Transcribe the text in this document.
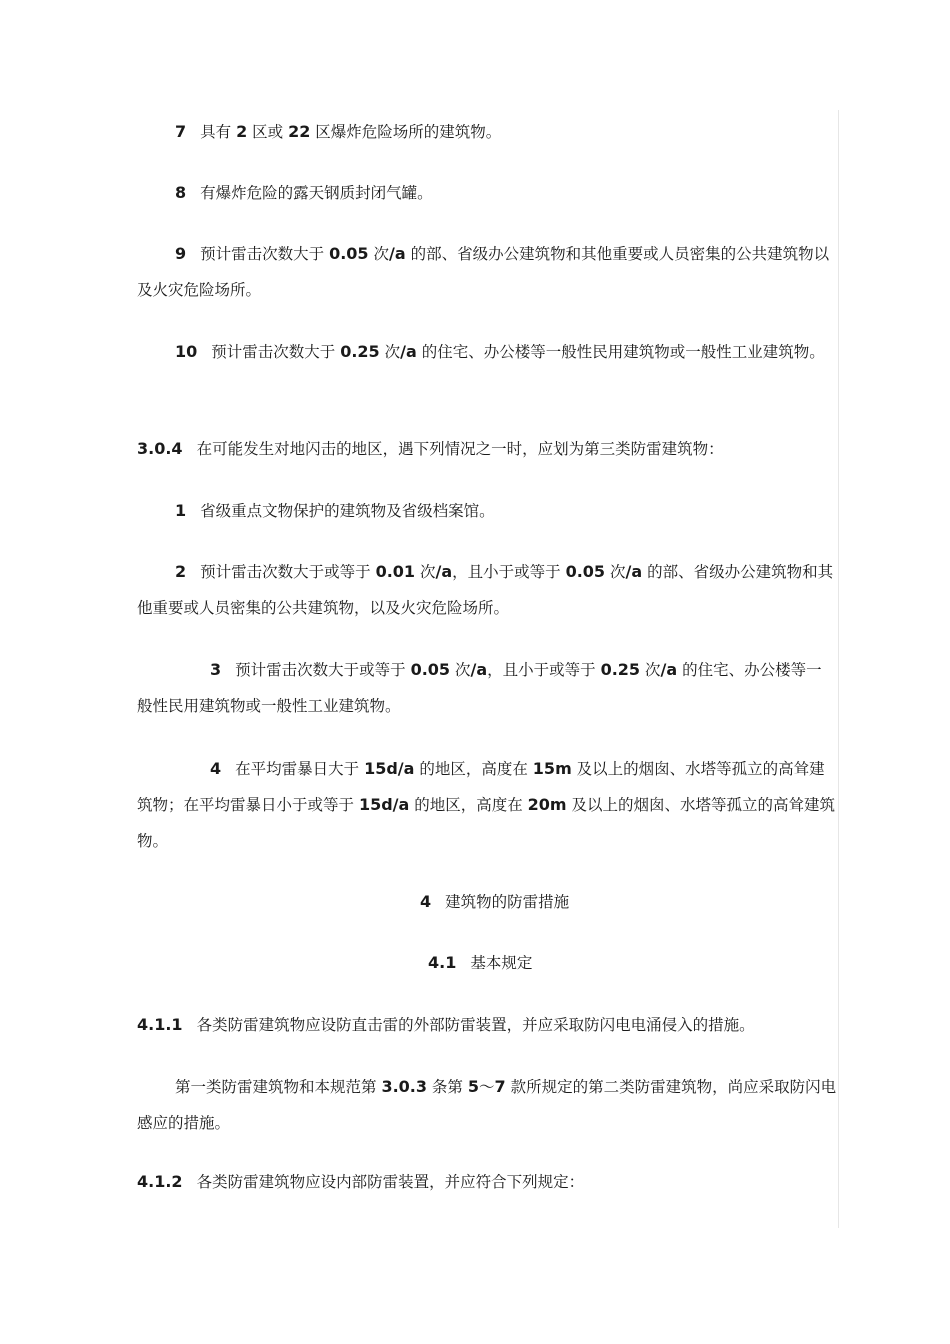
7 具有 2 区或 22 区爆炸危险场所的建筑物。

8 有爆炸危险的露天钢质封闭气罐。

9 预计雷击次数大于 0.05 次/a 的部、省级办公建筑物和其他重要或人员密集的公共建筑物以及火灾危险场所。

10 预计雷击次数大于 0.25 次/a 的住宅、办公楼等一般性民用建筑物或一般性工业建筑物。

3.0.4 在可能发生对地闪击的地区，遇下列情况之一时，应划为第三类防雷建筑物：

1 省级重点文物保护的建筑物及省级档案馆。

2 预计雷击次数大于或等于 0.01 次/a，且小于或等于 0.05 次/a 的部、省级办公建筑物和其他重要或人员密集的公共建筑物，以及火灾危险场所。

3 预计雷击次数大于或等于 0.05 次/a，且小于或等于 0.25 次/a 的住宅、办公楼等一般性民用建筑物或一般性工业建筑物。

4 在平均雷暴日大于 15d/a 的地区，高度在 15m 及以上的烟囱、水塔等孤立的高耸建筑物；在平均雷暴日小于或等于 15d/a 的地区，高度在 20m 及以上的烟囱、水塔等孤立的高耸建筑物。

4 建筑物的防雷措施

4.1 基本规定

4.1.1 各类防雷建筑物应设防直击雷的外部防雷装置，并应采取防闪电电涌侵入的措施。

第一类防雷建筑物和本规范第 3.0.3 条第 5～7 款所规定的第二类防雷建筑物，尚应采取防闪电感应的措施。

4.1.2 各类防雷建筑物应设内部防雷装置，并应符合下列规定：
